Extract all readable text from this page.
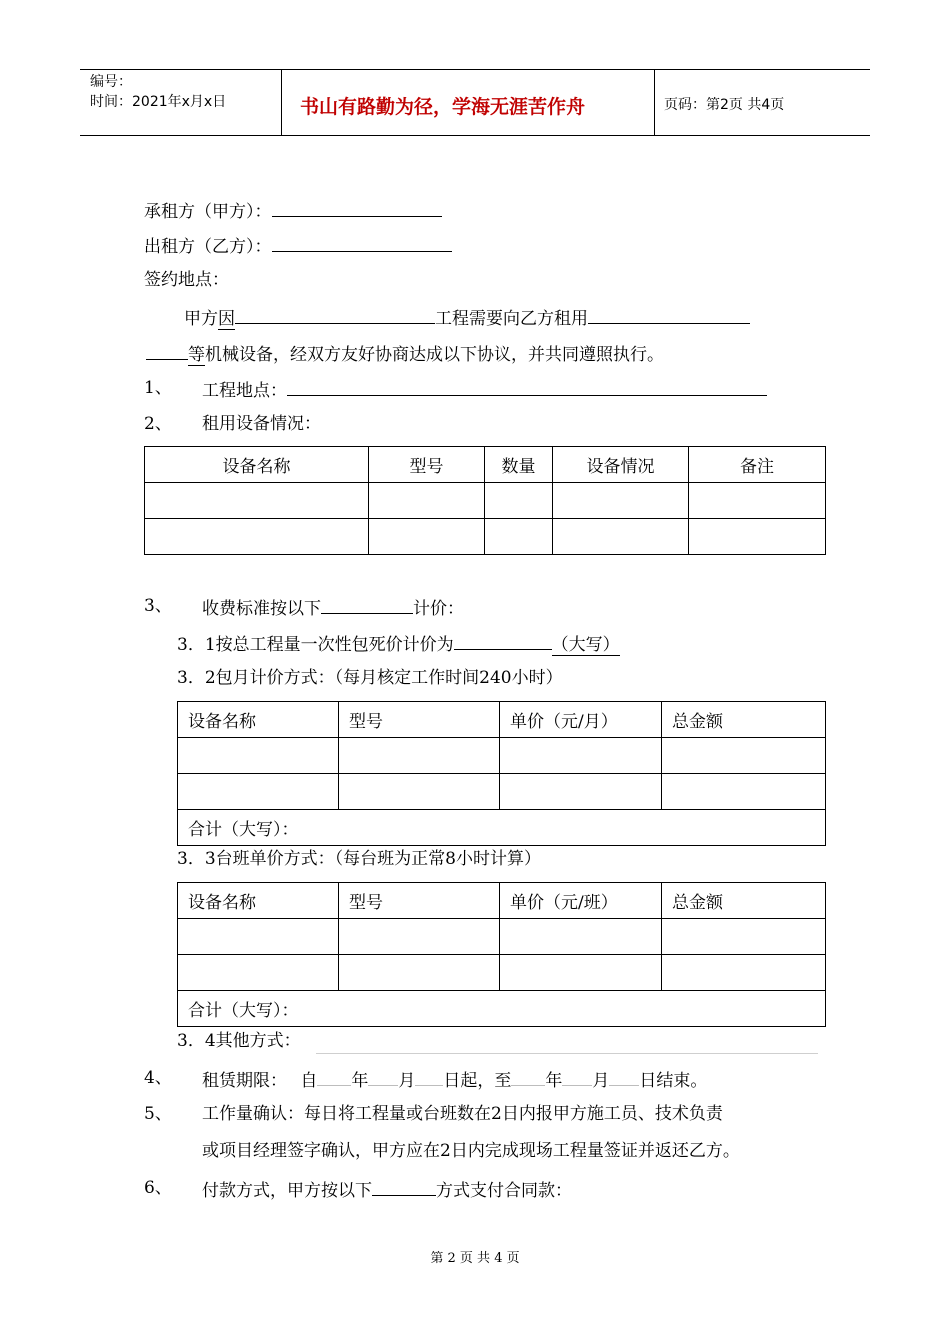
编号：
时间：2021年x月x日	书山有路勤为径，学海无涯苦作舟	页码：第2页 共4页
承租方（甲方）：
出租方（乙方）：
签约地点：
甲方因	工程需要向乙方租用
等机械设备，经双方友好协商达成以下协议，并共同遵照执行。
1、 工程地点：
2、 租用设备情况：
设备名称	型号	数量	设备情况	备注

3、 收费标准按以下	计价：
3．1按总工程量一次性包死价计价为	（大写）
3．2包月计价方式：（每月核定工作时间240小时）
设备名称	型号	单价（元/月）	总金额

合计（大写）：			
3．3台班单价方式：（每台班为正常8小时计算）
设备名称	型号	单价（元/班）	总金额

合计（大写）：			
3．4其他方式：
4、 租赁期限： 自 年 月 日起，至 年 月 日结束。
5、 工作量确认：每日将工程量或台班数在2日内报甲方施工员、技术负责
或项目经理签字确认，甲方应在2日内完成现场工程量签证并返还乙方。
6、 付款方式，甲方按以下	方式支付合同款：
第 2 页 共 4 页
